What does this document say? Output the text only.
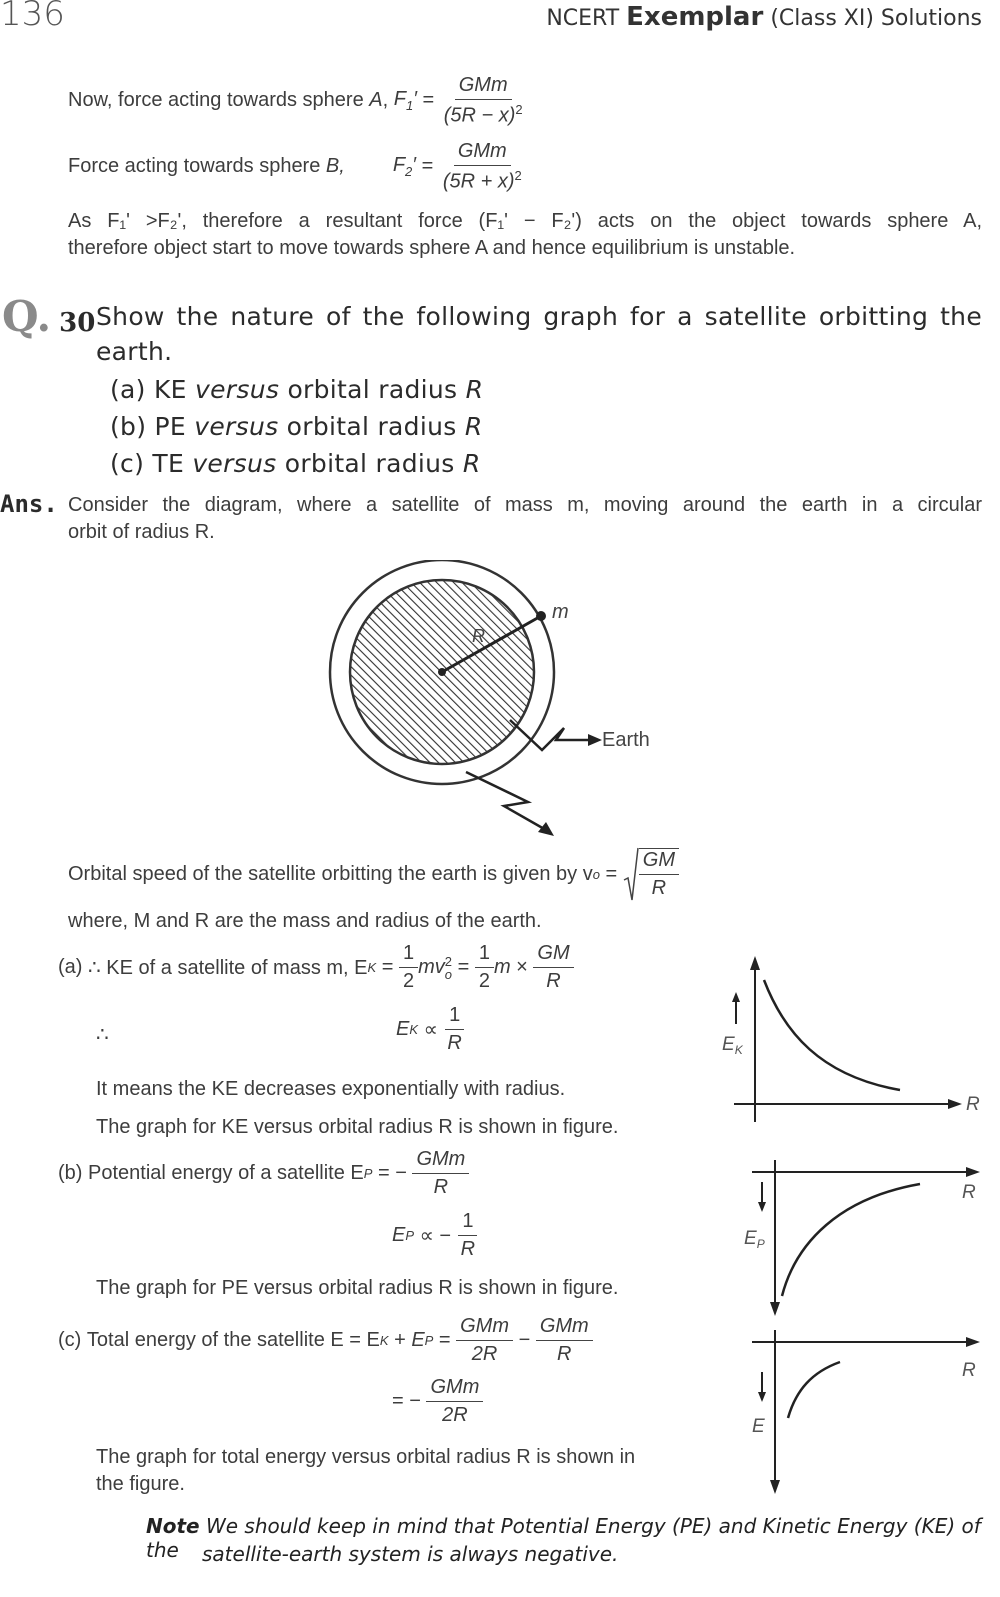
136	NCERT Exemplar (Class XI) Solutions
Now, force acting towards sphere
A , $F_1' = \frac{\text{GMm}}{(5R - x)^2}$
Force acting towards sphere
B, $F_2' = \frac{\text{GMm}}{(5R + x)^2}$
As F₁' >F₂', therefore a resultant force (F₁' − F₂') acts on the object towards sphere A,
therefore object start to move towards sphere A and hence equilibrium is unstable.
Q. 30 Show the nature of the following graph for a satellite orbitting the
earth.
(a) KE versus orbital radius R
(b) PE versus orbital radius R
(c) TE versus orbital radius R
Ans. Consider the diagram, where a satellite of mass m, moving around the earth in a circular
orbit of radius R.
m
R
Earth
Orbital speed of the satellite orbitting the earth is given by v $o = \frac{GM}{R}$
where, M and R are the mass and radius of the earth.
(a)
∴ KE of a satellite of mass m, E $K = \frac{1}{2}$ mv 2
$o = \frac{1}{2}$ $m \times \frac{GM}{R}$
∴	E $K \propto \frac{1}{R}$
It means the KE decreases exponentially with radius.
The graph for KE versus orbital radius R is shown in figure.
$E_K$
R
(b)
Potential energy of a satellite E P = − $\frac{\text{GMm}}{R}$
E P ∝ − $\frac{1}{R}$
The graph for PE versus orbital radius R is shown in figure.
$E_P$
R
(c)
Total energy of the satellite E = E K + E $P = \frac{\text{GMm}}{2R} - \frac{\text{GMm}}{R}$
= − $\frac{\text{GMm}}{2R}$
The graph for total energy versus orbital radius R is shown in
the figure.
E
R
Note We should keep in mind that Potential Energy (PE) and Kinetic Energy (KE) of the	satellite-earth system is always negative.
